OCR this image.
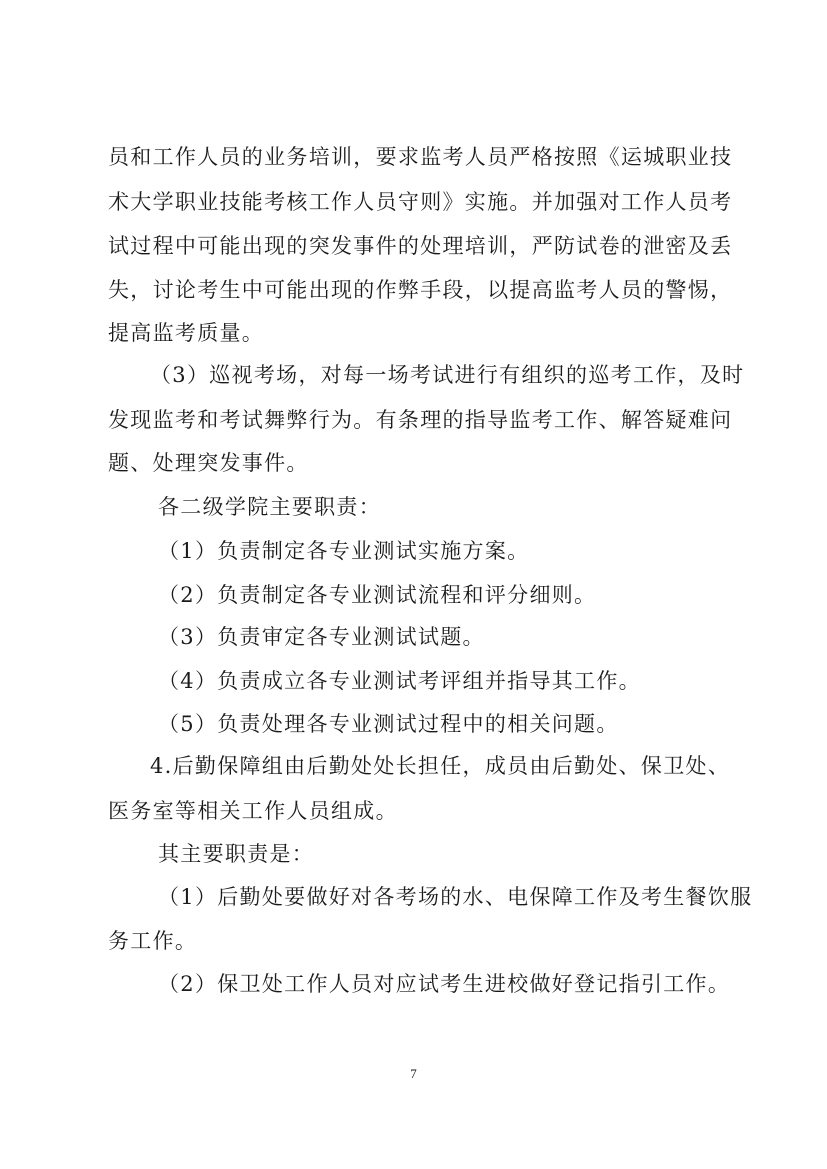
员和工作人员的业务培训，要求监考人员严格按照《运城职业技
术大学职业技能考核工作人员守则》实施。并加强对工作人员考
试过程中可能出现的突发事件的处理培训，严防试卷的泄密及丢
失，讨论考生中可能出现的作弊手段，以提高监考人员的警惕，
提高监考质量。
（3）巡视考场，对每一场考试进行有组织的巡考工作，及时
发现监考和考试舞弊行为。有条理的指导监考工作、解答疑难问
题、处理突发事件。
各二级学院主要职责：
（1）负责制定各专业测试实施方案。
（2）负责制定各专业测试流程和评分细则。
（3）负责审定各专业测试试题。
（4）负责成立各专业测试考评组并指导其工作。
（5）负责处理各专业测试过程中的相关问题。
4.后勤保障组由后勤处处长担任，成员由后勤处、保卫处、
医务室等相关工作人员组成。
其主要职责是：
（1）后勤处要做好对各考场的水、电保障工作及考生餐饮服
务工作。
（2）保卫处工作人员对应试考生进校做好登记指引工作。
7
